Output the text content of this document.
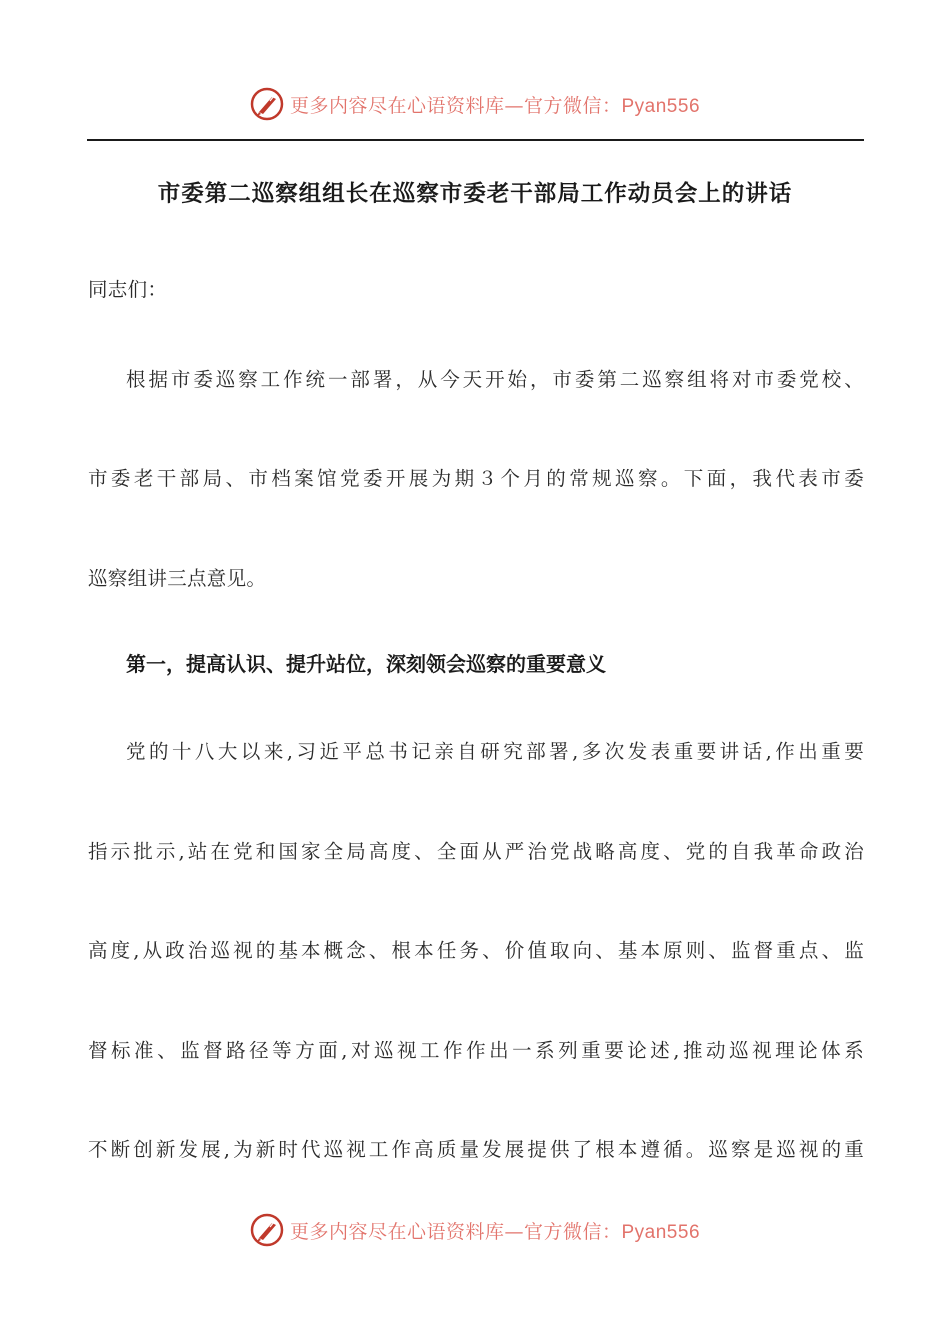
更多内容尽在心语资料库—官方微信：Pyan556
市委第二巡察组组长在巡察市委老干部局工作动员会上的讲话
同志们：
根据市委巡察工作统一部署，从今天开始，市委第二巡察组将对市委党校、
市委老干部局、市档案馆党委开展为期３个月的常规巡察。下面，我代表市委
巡察组讲三点意见。
第一，提高认识、提升站位，深刻领会巡察的重要意义
党的十八大以来,习近平总书记亲自研究部署,多次发表重要讲话,作出重要
指示批示,站在党和国家全局高度、全面从严治党战略高度、党的自我革命政治
高度,从政治巡视的基本概念、根本任务、价值取向、基本原则、监督重点、监
督标准、监督路径等方面,对巡视工作作出一系列重要论述,推动巡视理论体系
不断创新发展,为新时代巡视工作高质量发展提供了根本遵循。巡察是巡视的重
更多内容尽在心语资料库—官方微信：Pyan556
